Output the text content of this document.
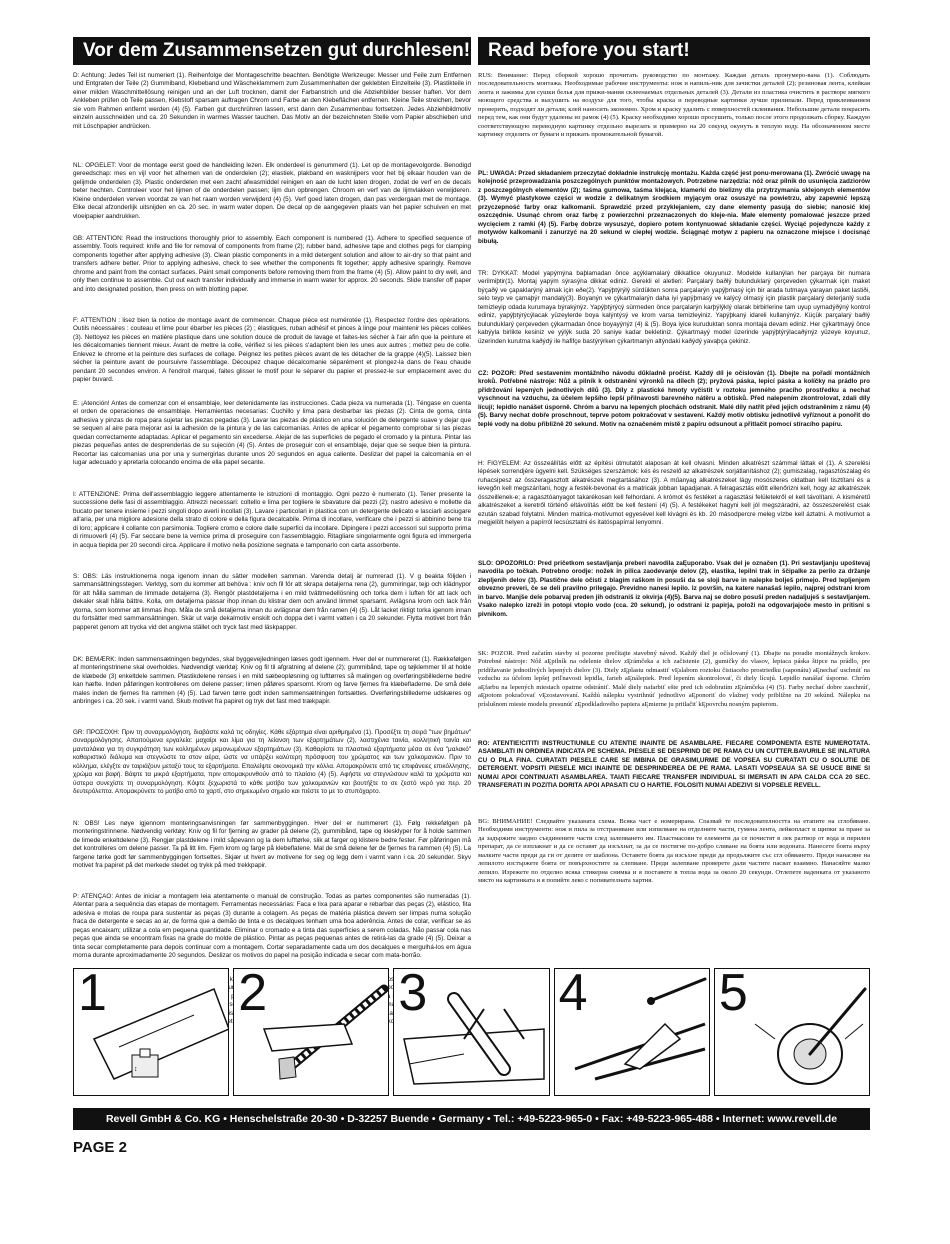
Vor dem Zusammensetzen gut durchlesen! Read before you start!

D: Achtung: Jedes Teil ist numeriert (1). Reihenfolge der Montageschritte beachten. Benötigte Werkzeuge: Messer und Feile zum Entfernen und Entgraten der Teile (2) Gummiband, Klebeband und Wäscheklammern zum Zusammenhalten der geklebten Einzelteile (3). Plastikteile in einer milden Waschmittellösung reinigen und an der Luft trocknen, damit der Farbanstrich und die Abziehbilder besser haften. Vor dem Ankleben prüfen ob Teile passen, Klebstoff sparsam auftragen Chrom und Farbe an den Klebeflächen entfernen. Kleine Teile streichen, bevor sie vom Rahmen entfernt werden (4) (5). Farben gut durchrühren lassen, erst dann den Zusammenbau fortsetzen. Jedes Abziehbildmotiv einzeln ausschneiden und ca. 20 Sekunden in warmes Wasser tauchen. Das Motiv an der bezeichneten Stelle vom Papier abschieben und mit Löschpapier andrücken.

NL: OPGELET: Voor de montage eerst goed de handleiding lezen. Elk onderdeel is genummerd (1). Let op de montagevolgorde. Benodigd gereedschap: mes en vijl voor het afnemen van de onderdelen (2); elastiek, plakband en wasknijpers voor het bij elkaar houden van de gelijmde onderdelen (3). Plastic onderdelen met een zacht afwasmiddel reinigen en aan de lucht laten drogen, zodat de verf en de decals beter hechten. Controleer voor het lijmen of de onderdelen passen; lijm dun opbrengen. Chroom en verf van de lijmvlakken verwijderen. Kleine onderdelen verven voordat ze van het raam worden verwijderd (4) (5). Verf goed laten drogen, dan pas verdergaan met de montage. Elke decal afzonderlijk uitsnijden en ca. 20 sec. in warm water dopen. De decal op de aangegeven plaats van het papier schuiven en met vloeipapier aandrukken.

GB: ATTENTION: Read the instructions thoroughly prior to assembly. Each component is numbered (1). Adhere to specified sequence of assembly. Tools required: knife and file for removal of components from frame (2); rubber band, adhesive tape and clothes pegs for clamping components together after applying adhesive (3). Clean plastic components in a mild detergent solution and allow to air-dry so that paint and transfers adhere better. Prior to applying adhesive, check to see whether the components fit together; apply adhesive sparingly. Remove chrome and paint from the contact surfaces. Paint small components before removing them from the frame (4) (5). Allow paint to dry well, and only then continue to assemble. Cut out each transfer individually and immerse in warm water for approx. 20 seconds. Slide transfer off paper and into designated position, then press on with blotting paper.

F: ATTENTION : lisez bien la notice de montage avant de commencer. Chaque pièce est numérotée (1). Respectez l'ordre des opérations. Outils nécessaires : couteau et lime pour ébarber les pièces (2) ; élastiques, ruban adhésif et pinces à linge pour maintenir les pièces collées (3). Nettoyez les pièces en matière plastique dans une solution douce de produit de lavage et faites-les sécher à l'air afin que la peinture et les décalcomanies tiennent mieux. Avant de mettre la colle, vérifiez si les pièces s'adaptent bien les unes aux autres ; mettez peu de colle. Enlevez le chrome et la peinture des surfaces de collage. Peignez les petites pièces avant de les détacher de la grappe (4)(5). Laissez bien sécher la peinture avant de poursuivre l'assemblage. Découpez chaque décalcomanie séparément et plongez-la dans de l'eau chaude pendant 20 secondes environ. A l'endroit marqué, faites glisser le motif pour le séparer du papier et pressez-le sur emplacement avec du papier buvard.

E: ¡Atención! Antes de comenzar con el ensamblaje, leer detenidamente las instrucciones. Cada pieza va numerada (1). Téngase en cuenta el orden de operaciones de ensamblaje. Herramientas necesarias: Cuchillo y lima para desbarbar las piezas (2). Cinta de goma, cinta adhesiva y pinzas de ropa para sujetar las piezas pegadas (3). Lavar las piezas de plástico en una solución de detergente suave y dejar que se sequen al aire para mejorar así la adhesión de la pintura y de las calcomanías. Antes de aplicar el pegamento comprobar si las piezas quedan correctamente adaptadas. Aplicar el pegamento sin excederse. Alejar de las superficies de pegado el cromado y la pintura. Pintar las piezas pequeñas antes de desprenderlas de su sujeción (4) (5). Antes de proseguir con el ensamblaje, dejar que se seque bien la pintura. Recortar las calcomanías una por una y sumergirlas durante unos 20 segundos en agua caliente. Deslizar del papel la calcomanía en el lugar adecuado y apretarla colocando encima de ella papel secante.

I: ATTENZIONE: Prima dell'assemblaggio leggere attentamente le istruzioni di montaggio. Ogni pezzo è numerato (1). Tener presente la successione delle fasi di assemblaggio. Attrezzi necessari: coltello e lima per togliere le sbavature dai pezzi (2); nastro adesivo e mollette da bucato per tenere insieme i pezzi singoli dopo averli incollati (3). Lavare i particolari in plastica con un detergente delicato e lasciarli asciugare all'aria, per una migliore adesione della strato di colore e della figura decalcabile. Prima di incollare, verificare che i pezzi si abbinino bene tra di loro; applicare il collante con parsimonia. Togliere cromo e colore dalle superfici da incollare. Dipingere i pezzi accessori sul supporto prima di rimuoverli (4) (5). Far seccare bene la vernice prima di proseguire con l'assemblaggio. Ritagliare singolarmente ogni figura ed immergerla in acqua tiepida per 20 secondi circa. Applicare il motivo nella posizione segnata e tamponarlo con carta assorbente.

S: OBS: Läs instruktionerna noga igenom innan du sätter modellen samman. Varenda detalj är numrerad (1). V g beakta följden i sammansättningsstegen. Verktyg, som du kommer att behöva : kniv och fil för att skrapa detaljerna rena (2), gummiringar, tejp och klädnypor för att hålla samman de limmade detaljerna (3). Rengör plastdetaljerna i en mild tvättmedellösning och torka dem i luften för att lack och dekaler skall hålla bättre. Kolla, om detaljerna passar ihop innan du klistrar dem och använd limmet sparsamt. Avlägsna krom och lack från ytorna, som kommer att limmas ihop. Måla de små detaljerna innan du avlägsnar dem från ramen (4) (5). Låt lacket riktigt torka igenom innan du fortsätter med sammansättningen. Skär ut varje dekalmotiv enskilt och doppa det i varmt vatten i ca 20 sekunder. Flytta motivet bort från papperet genom att trycka vid det angivna stället och tryck fast med läskpapper.

DK: BEMÆRK: Inden sammensætningen begyndes, skal byggevejledningen læses godt igennem. Hver del er nummereret (1). Rækkefølgen af monteringstrinene skal overholdes. Nødvendigt værktøj: Kniv og fil til afgratning af delene (2); gummibånd, tape og tøjklemmer til at holde de klæbede (3) enkeltdele sammen. Plastikdelene renses i en mild sæbeopløsning og lufttørres så malingen og overføringsbillederne bedre kan hæfte. Inden påføringen kontrolleres om delene passer; limen påføres sparsomt. Krom og farve fjernes fra klæbefladerne. De små dele males inden de fjernes fra rammen (4) (5). Lad farven tørre godt inden sammensætningen fortsættes. Overføringsbillederne udskæres og anbringes i ca. 20 sek. i varmt vand. Skub motivet fra papiret og tryk det fast med trækpapir.

GR: ΠΡΟΣΟΧΗ: Πριν τη συναρμολόγηση, διαβάστε καλά τις οδηγίες. Κάθε εξάρτημα είναι αριθμημένο (1). Προσέξτε τη σειρά "των βημάτων" συναρμολόγησης. Απαιτούμενα εργαλεία: μαχαίρι και λίμα για τη λείανση των εξαρτημάτων (2), λαστιχένια ταινία, κολλητική ταινία και μανταλάκια για τη συγκράτηση των κολλημένων μεμονωμένων εξαρτημάτων (3). Καθαρίστε τα πλαστικά εξαρτήματα μέσα σε ένα "μαλακό" καθαριστικό διάλυμα και στεγνώστε τα στον αέρα, ώστε να υπάρξει καλύτερη πρόσφυση του χρώματος και των χαλκομανιών. Πριν το κόλλημα, ελέγξτε αν ταιριάζουν μεταξύ τους τα εξαρτήματα. Επαλείψτε οικονομικά την κόλλα. Απομακρύνετε από τις επιφάνειες επικόλλησης, χρώμα και βαφή. Βάψτε τα μικρά εξαρτήματα, πριν απομακρυνθούν από το πλαίσιο (4) (5). Αφήστε να στεγνώσουν καλά τα χρώματα και ύστερα συνεχίστε τη συναρμολόγηση. Κόψτε ξεχωριστά το κάθε μοτίβο των χαλκομανιών και βουτήξτε το σε ζεστό νερό για περ. 20 δευτερόλεπτα. Απομακρύνετε το μοτίβο από το χαρτί, στο σημειωμένο σημείο και πιέστε το με το στυπόχαρτο.

N: OBS! Les nøye igjennom monteringsanvisningen før sammenbyggingen. Hver del er nummerert (1). Følg rekkefølgen på monteringstrinnene. Nødvendig verktøy: Kniv og fil for fjerning av grader på delene (2), gummibånd, tape og klesklyper for å holde sammen de limede enkeltdelene (3). Rengjør plastdelene i mild såpevann og la dem lufttørke, slik at farger og klistere bedre fester. Før påføringen må det kontrolleres om delene passer. Ta på litt lim. Fjern krom og farge på klebeflatene. Mal de små delene før de fjernes fra rammen (4) (5). La fargene tørke godt før sammenbyggingen fortsettes. Skjær ut hvert av motivene for seg og legg dem i varmt vann i ca. 20 sekunder. Skyv motivet fra papiret på det merkede stedet og trykk på med trekkpapir.

P: ATENÇÃO: Antes de iniciar a montagem leia atentamente o manual de construção. Todas as partes componentes são numeradas (1). Atentar para a sequência das etapas de montagem. Ferramentas necessárias: Faca e lixa para aparar e rebarbar das peças (2), elástico, fita adesiva e molas de roupa para sustentar as peças (3) durante a colagem. As peças de matéria plástica devem ser limpas numa solução fraca de detergente e secas ao ar, de forma que a demão de tinta e os decalques tenham uma boa aderência. Antes de colar, verificar se as peças encaixam; utilizar a cola em pequena quantidade. Eliminar o cromado e a tinta das superfícies a serem coladas. Não passar cola nas peças que ainda se encontram fixas na grade do molde de plástico. Pintar as peças pequenas antes de retirá-las da grade (4) (5). Deixar a tinta secar completamente para depois continuar com a montagem. Cortar separadamente cada um dos decalques e mergulhá-los em água morna durante aproximadamente 20 segundos. Deslizar os motivos do papel na posição indicada e secar com mata-borrão.

kromaus

RUS: Внимание: Перед сборкой хорошо прочитать руководство по монтажу. Каждая деталь пронумеро-вана (1). Соблюдать последовательность монтажа. Необходимые рабочие инструменты: нож и напиль-ник для зачистки деталей (2); резиновая лента, клейкая лента и зажимы для сушки белья для прижи-мания склеенаемых отдельных деталей (3). Детали из пластика очистить в растворе мягкого моющего средства и высушить на воздухе для того, чтобы краска и переводные картинки лучше прилипали. Перед приклеиванием проверить, подходят ли детали; клей наносить экономно. Хром и краску удалить с поверхностей склеивания. Небольшие детали покрасить перед тем, как они будут удалены из рамок (4) (5). Краску необходимо хорошо просушить, только после этого продолжать сборку. Каждую соответствующую переводную картинку отдельно вырезать и примерно на 20 секунд окунуть в теплую воду. На обозначенном месте картинку отделить от бумаги и прижать промокательной бумагой.

PL: UWAGA: Przed składaniem przeczytać dokładnie instrukcję montażu. Każda część jest ponu-merowana (1). Zwrócić uwagę na kolejność przeprowadzania poszczególnych punktów montażowych. Potrzebne narzędzia: nóż oraz pilnik do usunięcia zadziorów z poszczególnych elementów (2); taśma gumowa, taśma klejąca, klamerki do bielizny dla przytrzymania sklejonych elementów (3). Wymyć plastykowe części w wodzie z delikatnym środkiem myjącym oraz osuszyć na powietrzu, aby zapewnić lepszą przyczepność farby oraz kalkomanii. Sprawdzić przed przyklejaniem, czy dane elementy pasują do siebie; nanosić klej oszczędnie. Usunąć chrom oraz farbę z powierzchni przeznaczonych do kleje-nia. Małe elementy pomalować jeszcze przed wycięciem z ramki (4) (5). Farbę dobrze wysuszyć, dopiero potem kontynuować składanie części. Wyciąć pojedyncze każdy z motywów kalkomanii i zanurzyć na 20 sekund w ciepłej wodzie. Ściągnąć motyw z papieru na oznaczone miejsce i docisnąć bibułą.

TR: DYKKAT: Model yapýmýna baþlamadan önce açýklamalarý dikkatlice okuyunuz. Modelde kullanýlan her parçaya bir numara verilmiþtir(1). Montaj yapým sýrasýna dikkat ediniz. Gerekli el aletleri: Parçalarý baðlý bulunduklarý çerçeveden çýkarmak için maket býçaðý ve çapaklarýný almak için eðe(2). Yapýþtýrýlý sürdükten sonra parçalarýn yapýþmasý için bir arada tutmaya yarayan paket lastiði, selo teyp ve çamaþýr mandalý(3). Boyanýn ve çýkartmalarýn daha iyi yapýþmasý ve kalýcý olmasý için plastik parçalarý deterjanlý suda temizleyip odada kurumaya býrakýnýz. Yapýþtýrýcý sürmeden önce parçalarýn karþýlýklý olarak birbirlerine tam uyup uymadýðýný kontrol ediniz, yapýþtýrýcýlacak yüzeylerde boya kalýntýsý ve krom varsa temizleyiniz. Yapýþkaný idareli kullanýnýz. Küçük parçalarý baðlý bulunduklarý çerçeveden çýkarmadan önce boyayýnýz (4) & (5). Boya iyice kuruduktan sonra montaja devam ediniz. Her çýkartmayý önce kabýyla birlikte kesiniz ve yýlýk suda 20 saniye kadar bekletiniz. Çýkartmayý model üzerinde yapýþtýrýlacaðýnýz yüzeye koyunuz, üzerinden kurutma kaðýdý ile hafifçe bastýrýrken çýkartmanýn altýndaki kaðýdý yavaþça çekiniz.

CZ: POZOR: Před sestavením montážního návodu důkladně pročíst. Každý díl je očíslován (1). Dbejte na pořadí montážních kroků. Potřebné nástroje: Nůž a pilník k odstranění výronků na dílech (2); pryžová páska, lepicí páska a kolíčky na prádlo pro přidržování lepených jednotlivých dílů (3). Díly z plastické hmoty vyčistit v roztoku jemného pracího prostředku a nechat vyschnout na vzduchu, za účelem lepšího lepší přilnavosti barevného nátěru a obtisků. Před nalepením zkontrolovat, zdali díly lícují; lepidlo nanášet úsporně. Chróm a barvu na lepených plochách odstranit. Malé díly natřít před jejich odstraněním z rámu (4) (5). Barvy nechat dobře proschnout, teprve potom pokračovat v sestavení. Každý motiv obtisku jednotlivě vyříznout a ponořit do teplé vody na dobu přibližně 20 sekund. Motiv na označeném místě z papíru odsunout a přitlačit pomocí stíracího papíru.

H: FIGYELEM: Az összeállítás előtt az építési útmutatót alaposan át kell olvasni. Minden alkatrészt számmal láttak el (1). A szerelési lépések sorrendjére ügyelni kell. Szükséges szerszámok: kés és reszelő az alkatrészek sorjátlanításhoz (2); gumiszalag, ragasztószalag és ruhacsipesz az összeragasztott alkatrészek megtartásához (3). A műanyag alkatrészeket lágy mosószeres oldatban kell tisztítani és a levegőn kell megszárítani, hogy a festék-bevonat és a matricák jobban tapadjanak. A felragasztás előtt ellenőrizni kell, hogy az alkatrészek összeillenek-e; a ragasztóanyagot takarékosan kell felhordani. A krómot és festéket a ragasztási felületekről el kell távolítani. A kisméretű alkatrészeket a keretről történő eltávolítás előtt be kell festeni (4) (5). A festékeket hagyni kell jól megszáradni, az összeszerelést csak ezután szabad folytatni. Minden matrica-motívumot egyesével kell kivágni és kb. 20 másodpercre meleg vízbe kell áztatni. A motívumot a megjelölt helyen a papírról lecsúsztatni és itatóspapírral lenyomni.

SLO: OPOZORILO: Pred pričetkom sestavljanja preberi navodila zaĘuporabo. Vsak del je označen (1). Pri sestavljanju upoštevaj navodila po točkah. Potrebno orodje: nožek in pilica zaodevanje delov (2), elastika, lepilni trak in ščipalke za perilo za držanje zlepljenih delov (3). Plastične dele očisti z blagim raškom in posuši da se sloji barve in nalepke bolješ primejo. Pred lepljenjem obvezno preveri, če se deli pravilno prilegajo. Previdno nanesi lepilo. Iz površin, na katere nanašaš lepilo, najprej odstrani krom in barvo. Manjše dele pobarvaj preden jih odstraniš iz okvirja (4)(5). Barva naj se dobro posuši preden nadaljuješ s sestavljanjem. Vsako nalepko izreži in potopi vtoplo vodo (cca. 20 sekund), jo odstrani iz papirja, položi na odgovarjajoče mesto in pritisni s pivnikom.

SK: POZOR. Pred začatím stavby si pozorne prečítajte stavebný návod. Každý diel je očíslovaný (1). Dbajte na poradie montážnych krokov. Potrebné nástroje: Nôž aĘpilník na odelenie dielov zĘrámčeka a ich začistenie (2), gumičky do vlasov, lepiaca páska štipce na prádlo, pre pridŕžavanie jednotlivých lepených dielov (3). Diely zĘplastu odmastiť vĘslabom roztoku čistiaceho prostriedku (saponátu) aĘnechať uschnúť na vzduchu za účelom lepšej priľnavosti lepidla, farieb aĘnálepiek. Pred lepením skontrolovať, či diely lícujú. Lepidlo nanášať úsporne. Chróm aĘfarbu na lepených miestach opatrne odstrániť. Malé diely nafarbiť ešte pred ich odobratím zĘrámčeka (4) (5). Farby nechať dobre zaschnúť, aĘpotom pokračovať vĘzostavovaní. Každú nálepku vystrihnúť jednotlivo aĘponoriť do vlažnej vody približne na 20 sekúnd. Nálepku na príslušnom mieste modelu presunúť zĘpodkladového papiera aĘmierne ju pritlačiť kĘpovrchu nosným papierom.

RO: ATENTIE!CITITI INSTRUCTIUNILE CU ATENTIE INAINTE DE ASAMBLARE. FIECARE COMPONENTA ESTE NUMEROTATA. ASAMBLATI IN ORDINEA INDICATA PE SCHEMA. PIESELE SE DESPRIND DE PE RAMA CU UN CUTTER.BAVURILE SE INLATURA CU O PILA FINA. CURATATI PIESELE CARE SE IMBINA DE GRASIMI,URME DE VOPSEA SU CURATATI CU O SOLUTIE DE DETERGENT. VOPSITI PIESELE MICI INAINTE DE DESPRINDEREA DE PE RAMA. LASATI VOPSEAUA SA SE USUCE BINE SI NUMAI APOI CONTINUATI ASAMBLAREA. TAIATI FIECARE TRANSFER INDIVIDUAL SI IMERSATI IN APA CALDA CCA 20 SEC. TRANSFERATI IN POZITIA DORITA APOI APASATI CU O HARTIE. FOLOSITI NUMAI ADEZIVI SI VOPSELE REVELL.

BG: ВНИМАНИЕ! Следвайте указаната схема. Всяка част е номерирана. Спазвай те последователността на етапите на сглобяване. Необходими инструменти: нож и пила за отстраняване или изпилване на отделните части, гумена лента, лейкопласт и щипки за пране за да задържите заедно съединените части след залепването им. Пластмасови те елементи да се почистят в лек разтвор от вода и перилен препарат, да се изплакнат и да се оставят да изсъхнат, за да се постигне по-добро сливане на боята или водоната. Нанесете боята върху малките части преди да ги от делите от шаблона. Оставете боята да изсъхне преди да продължите със сгл обяването. Преди нанасяне на лепилото изстържете боята от повърхностите за слепване. Преди залепване проверете дали частите пасват взаимно. Нанасяйте малко лепило. Изрежете по отделно всяка стикерна снимка и я поставете в топла вода за около 20 секунди. Отлепете ваденката от указаното място на картинката и я попийте леко с попивателната хартия.

1
↕
2	3	4	5
Revell GmbH & Co. KG • Henschelstraße 20-30 • D-32257 Buende • Germany • Tel.: +49-5223-965-0 • Fax: +49-5223-965-488 • Internet: www.revell.de
PAGE 2
